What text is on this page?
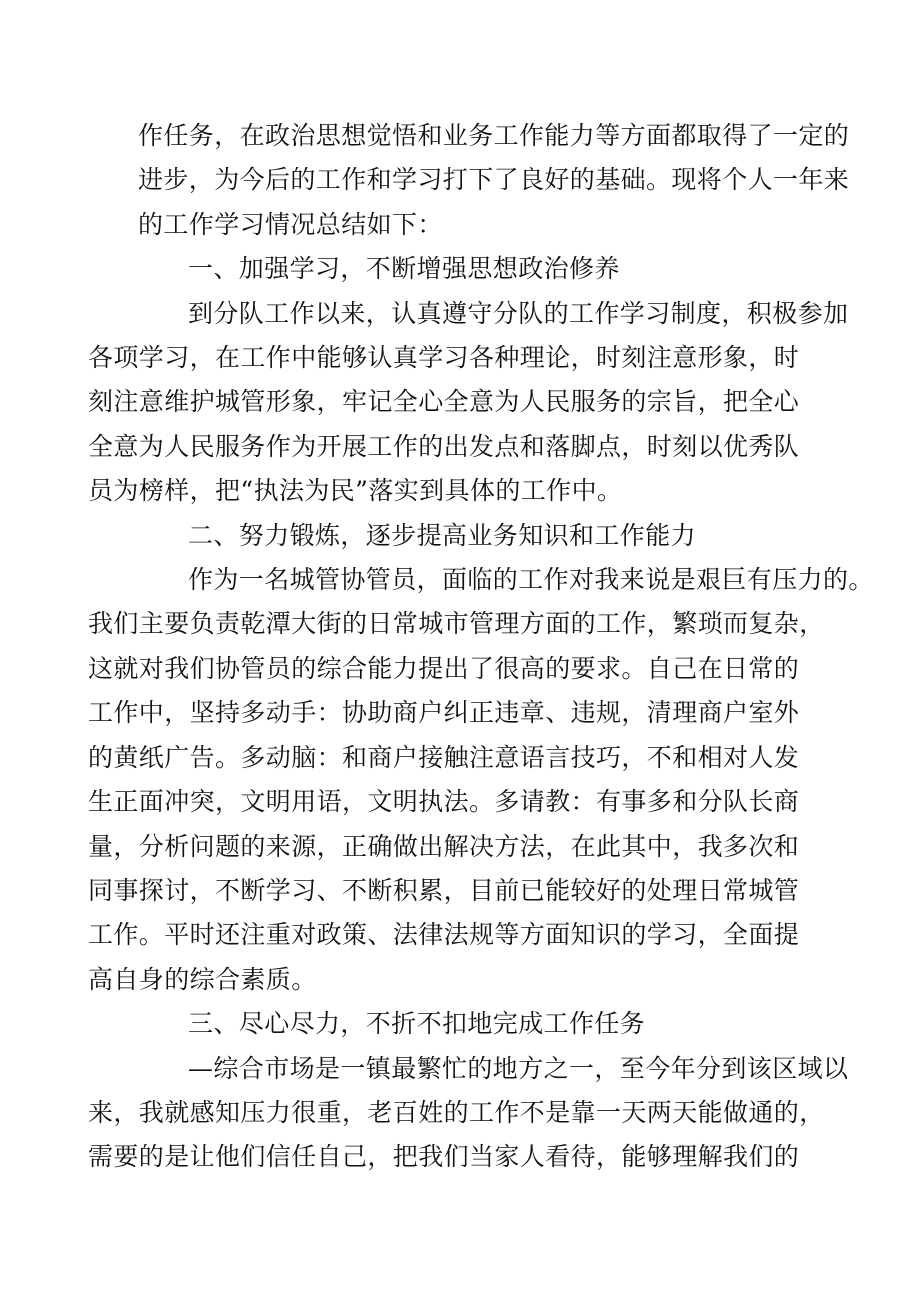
作任务，在政治思想觉悟和业务工作能力等方面都取得了一定的
进步，为今后的工作和学习打下了良好的基础。现将个人一年来
的工作学习情况总结如下：

一、加强学习，不断增强思想政治修养

到分队工作以来，认真遵守分队的工作学习制度，积极参加
各项学习，在工作中能够认真学习各种理论，时刻注意形象，时
刻注意维护城管形象，牢记全心全意为人民服务的宗旨，把全心
全意为人民服务作为开展工作的出发点和落脚点，时刻以优秀队
员为榜样，把“执法为民”落实到具体的工作中。

二、努力锻炼，逐步提高业务知识和工作能力

作为一名城管协管员，面临的工作对我来说是艰巨有压力的。
我们主要负责乾潭大街的日常城市管理方面的工作，繁琐而复杂，
这就对我们协管员的综合能力提出了很高的要求。自己在日常的
工作中，坚持多动手：协助商户纠正违章、违规，清理商户室外
的黄纸广告。多动脑：和商户接触注意语言技巧，不和相对人发
生正面冲突，文明用语，文明执法。多请教：有事多和分队长商
量，分析问题的来源，正确做出解决方法，在此其中，我多次和
同事探讨，不断学习、不断积累，目前已能较好的处理日常城管
工作。平时还注重对政策、法律法规等方面知识的学习，全面提
高自身的综合素质。

三、尽心尽力，不折不扣地完成工作任务

—综合市场是一镇最繁忙的地方之一，至今年分到该区域以
来，我就感知压力很重，老百姓的工作不是靠一天两天能做通的，
需要的是让他们信任自己，把我们当家人看待，能够理解我们的
